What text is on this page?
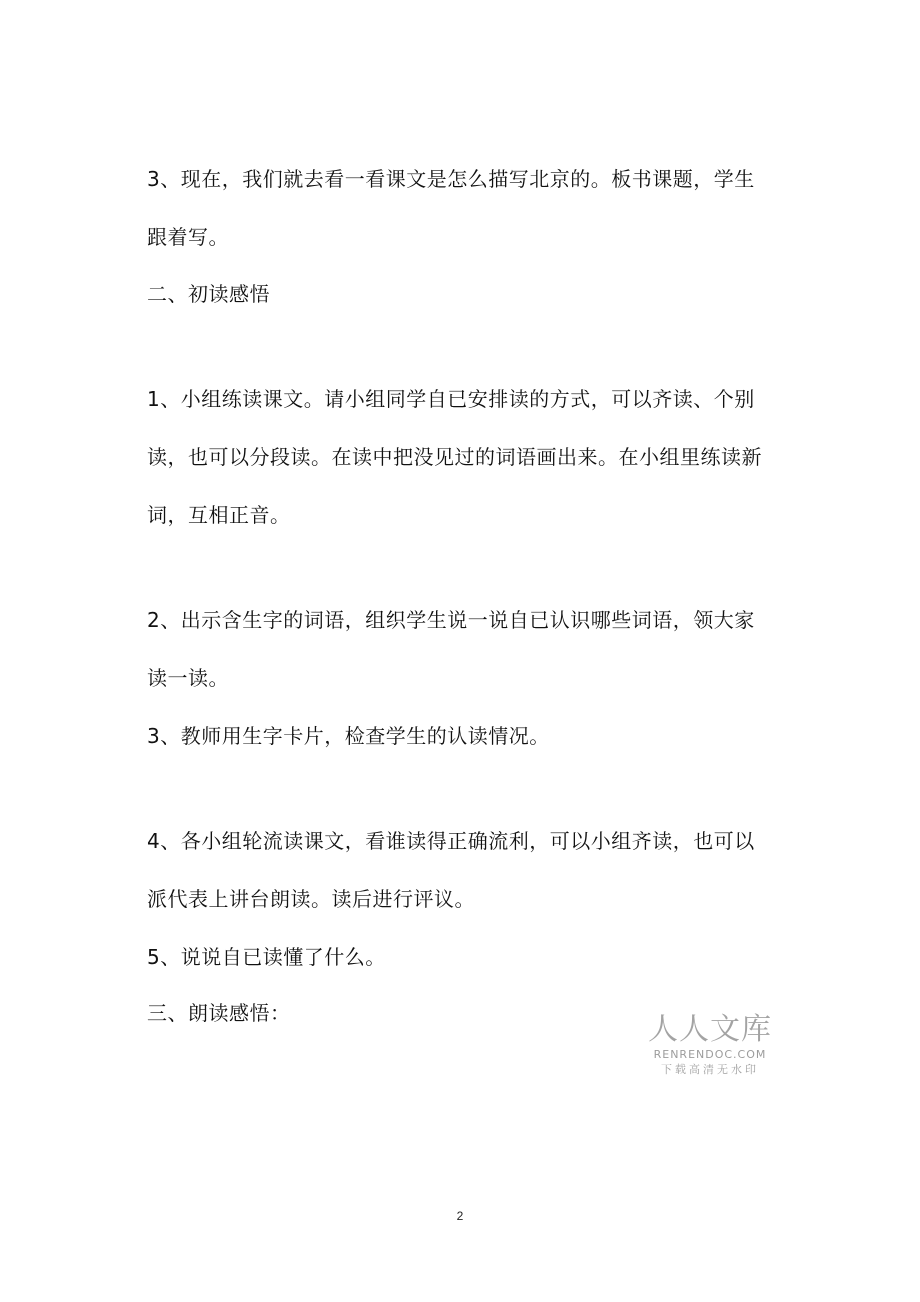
3、现在，我们就去看一看课文是怎么描写北京的。板书课题，学生
跟着写。
二、初读感悟
1、小组练读课文。请小组同学自已安排读的方式，可以齐读、个别
读，也可以分段读。在读中把没见过的词语画出来。在小组里练读新
词，互相正音。
2、出示含生字的词语，组织学生说一说自已认识哪些词语，领大家
读一读。
3、教师用生字卡片，检查学生的认读情况。
4、各小组轮流读课文，看谁读得正确流利，可以小组齐读，也可以
派代表上讲台朗读。读后进行评议。
5、说说自已读懂了什么。
三、朗读感悟：	人人文库
RENRENDOC.COM
下载高清无水印
2
